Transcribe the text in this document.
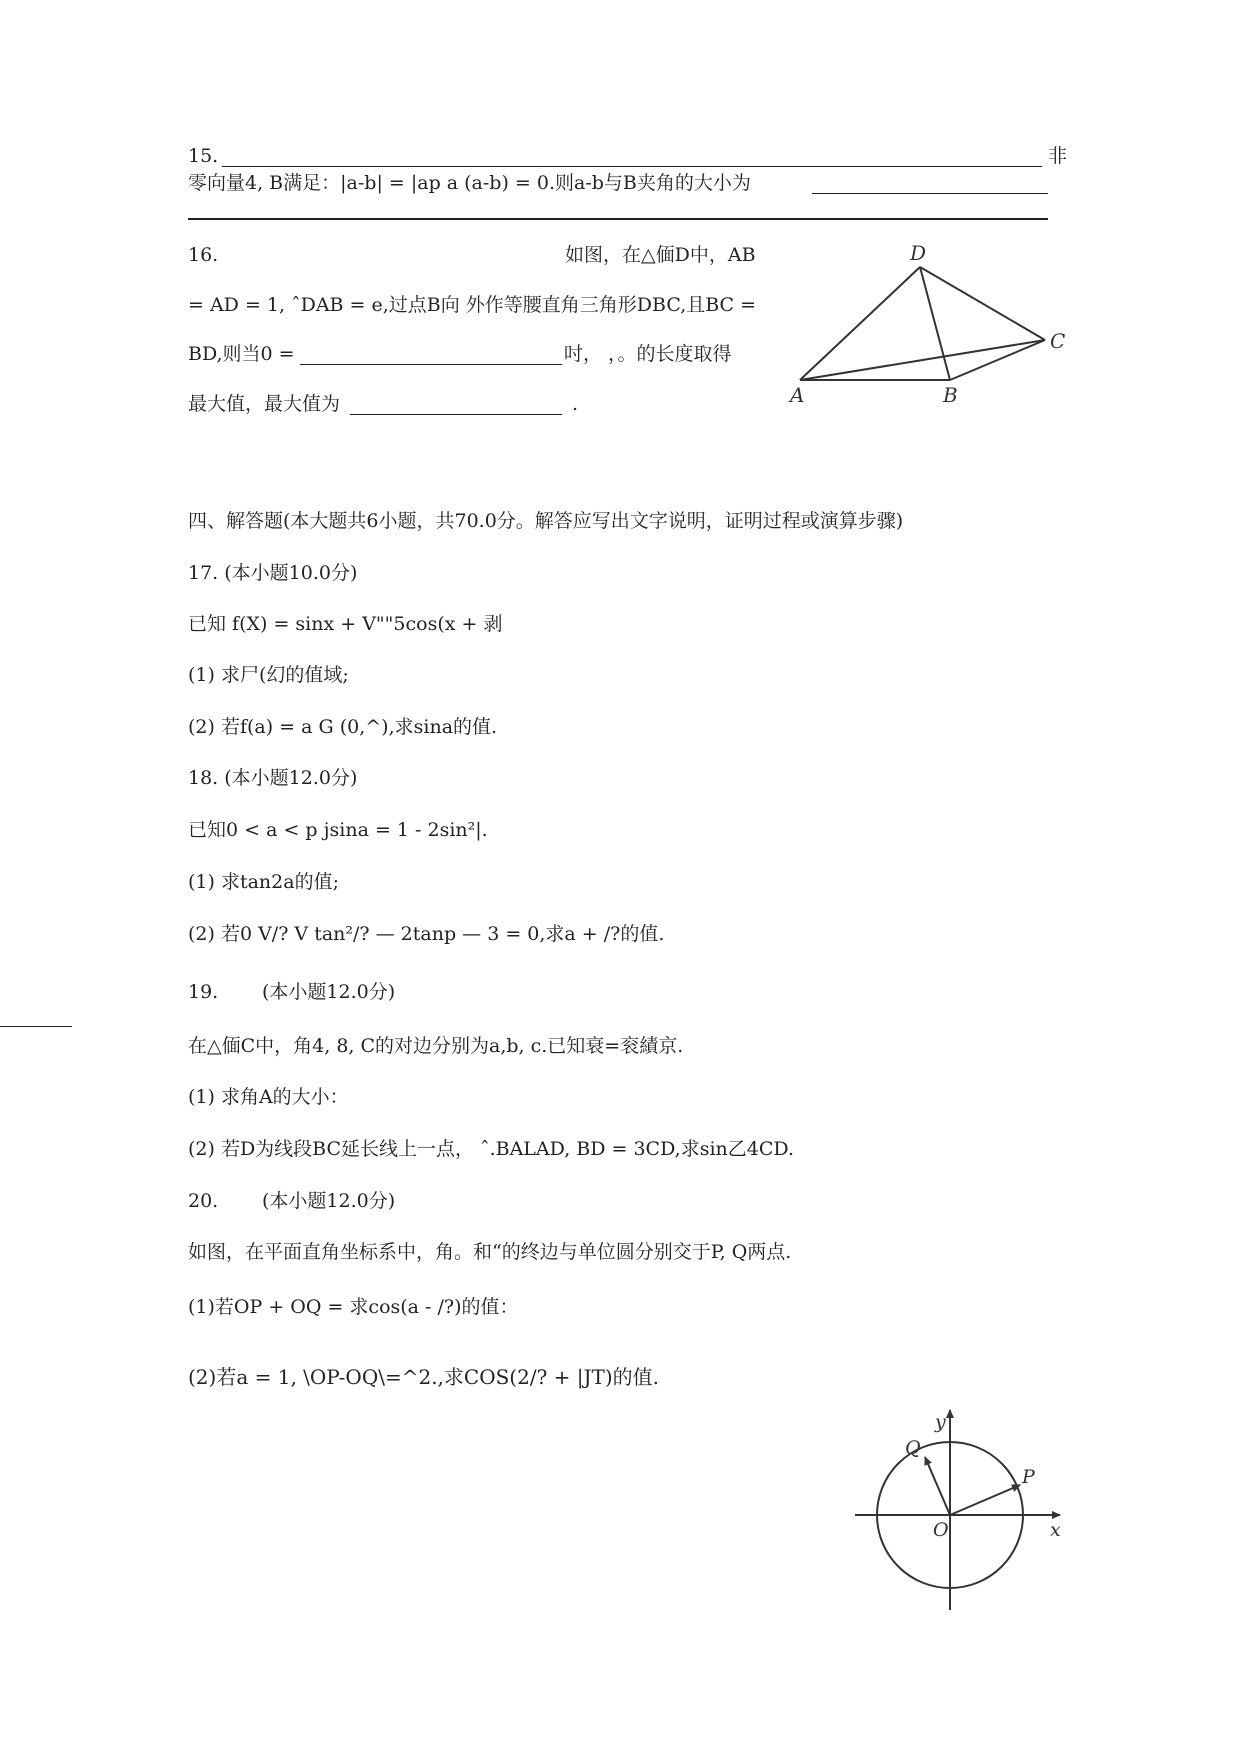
15.	非
零向量4, B满足：|a-b| = |ap a (a-b) = 0.则a-b与B夹角的大小为
16.	如图，在△偭D中，AB
= AD = 1, ˆDAB = e,过点B向 外作等腰直角三角形DBC,且BC =
BD,则当0 =	吋， ，。的长度取得
最大值，最大值为	.
D
A	B
C
四、解答题(本大题共6小题，共70.0分。解答应写出文字说明，证明过程或演算步骤)
17. (本小题10.0分)
已知 f(X) = sinx + V""5cos(x + 剥
(1) 求尸(幻的值域;
(2) 若f(a) = a G (0,^),求sina的值.
18. (本小题12.0分)
已知0 < a < p jsina = 1 - 2sin²|.
(1) 求tan2a的值;
(2) 若0 V/? V tan²/? — 2tanp — 3 = 0,求a + /?的值.
19. (本小题12.0分)
在△偭C中，角4, 8, C的对边分别为a,b, c.已知衰=衮績京.
(1) 求角A的大小：
(2) 若D为线段BC延长线上一点， ˆ.BALAD, BD = 3CD,求sin乙4CD.
20. (本小题12.0分)
如图，在平面直角坐标系中，角。和“的终边与单位圆分别交于P, Q两点.
(1)若OP + OQ = 求cos(a - /?)的值：
(2)若a = 1, \OP-OQ\=^2.,求COS(2/? + |JT)的值.
y
x
O
P
Q
